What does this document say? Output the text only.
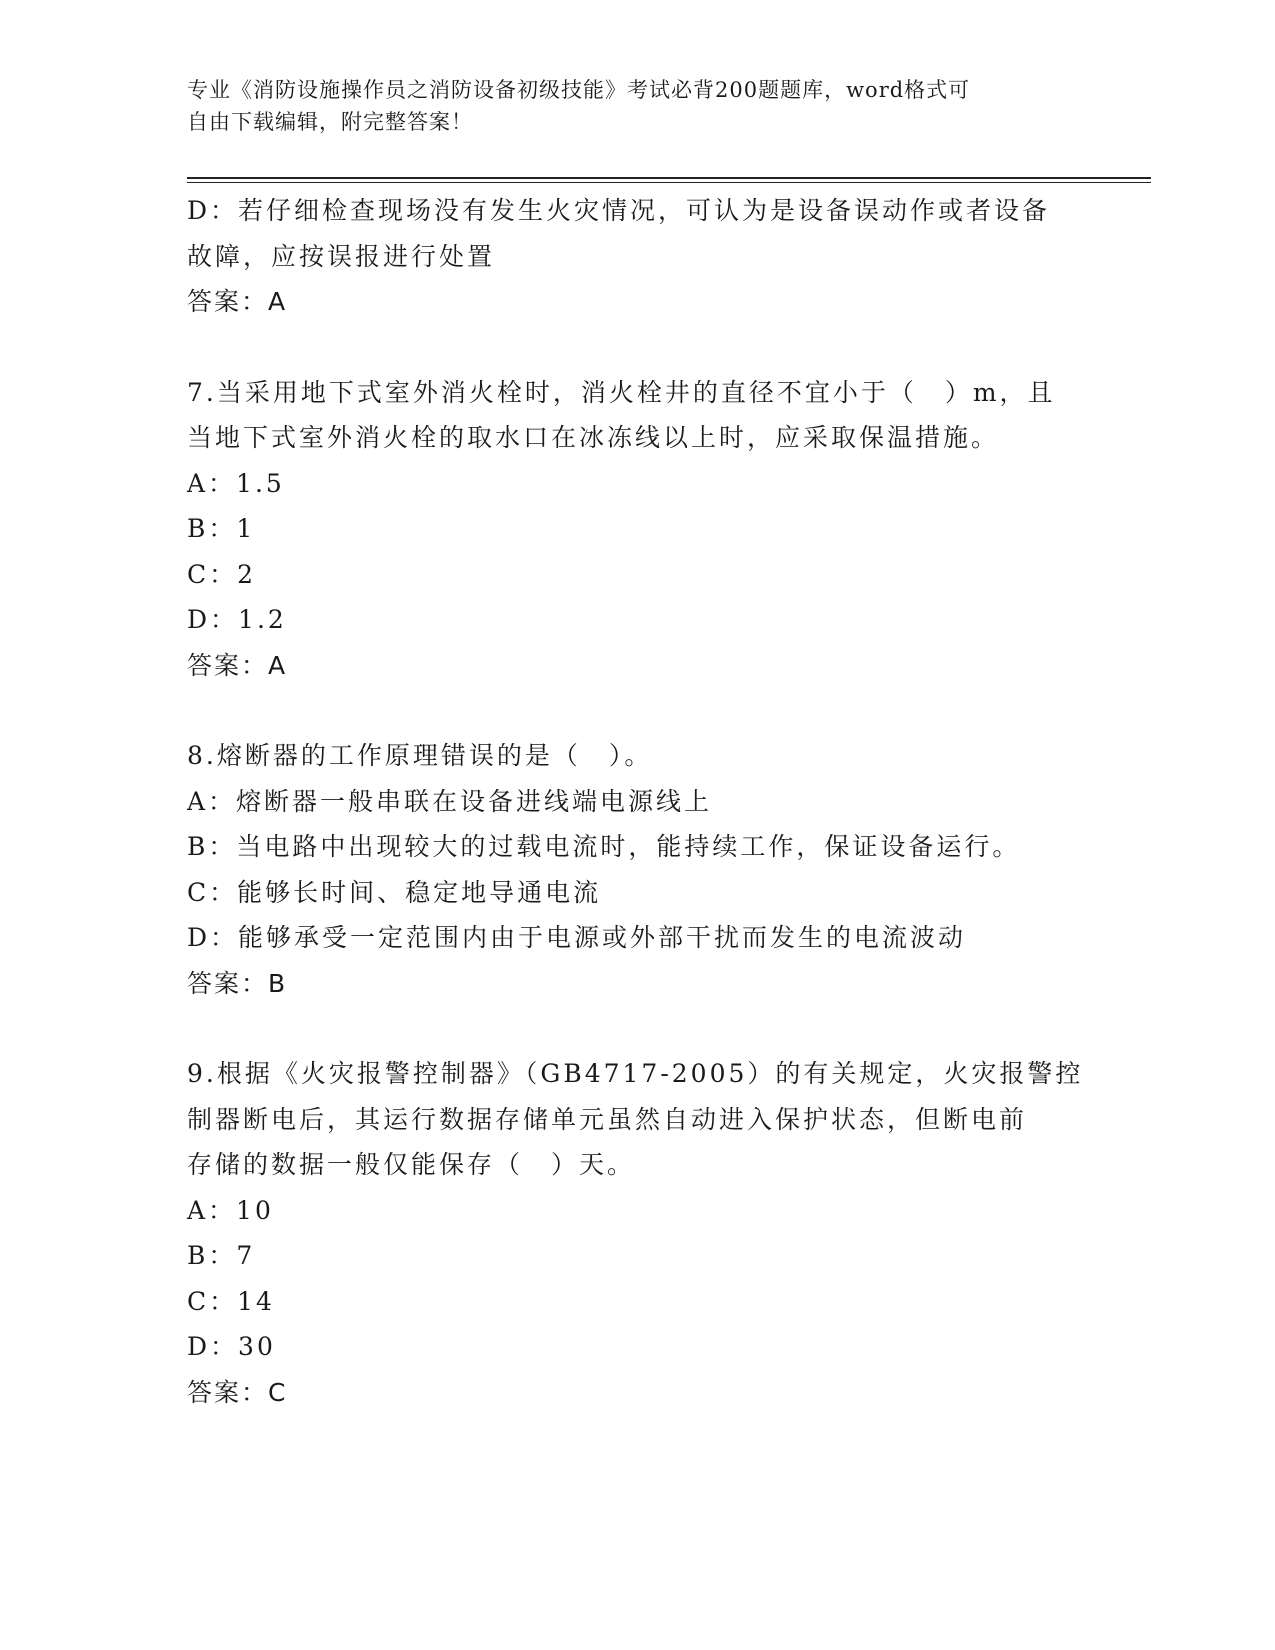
专业《消防设施操作员之消防设备初级技能》考试必背200题题库，word格式可
自由下载编辑，附完整答案！
D：若仔细检查现场没有发生火灾情况，可认为是设备误动作或者设备
故障，应按误报进行处置
答案：A
7.当采用地下式室外消火栓时，消火栓井的直径不宜小于（　）m，且
当地下式室外消火栓的取水口在冰冻线以上时，应采取保温措施。
A：1.5
B：1
C：2
D：1.2
答案：A
8.熔断器的工作原理错误的是（　）。
A：熔断器一般串联在设备进线端电源线上
B：当电路中出现较大的过载电流时，能持续工作，保证设备运行。
C：能够长时间、稳定地导通电流
D：能够承受一定范围内由于电源或外部干扰而发生的电流波动
答案：B
9.根据《火灾报警控制器》（GB4717-2005）的有关规定，火灾报警控
制器断电后，其运行数据存储单元虽然自动进入保护状态，但断电前
存储的数据一般仅能保存（　）天。
A：10
B：7
C：14
D：30
答案：C
